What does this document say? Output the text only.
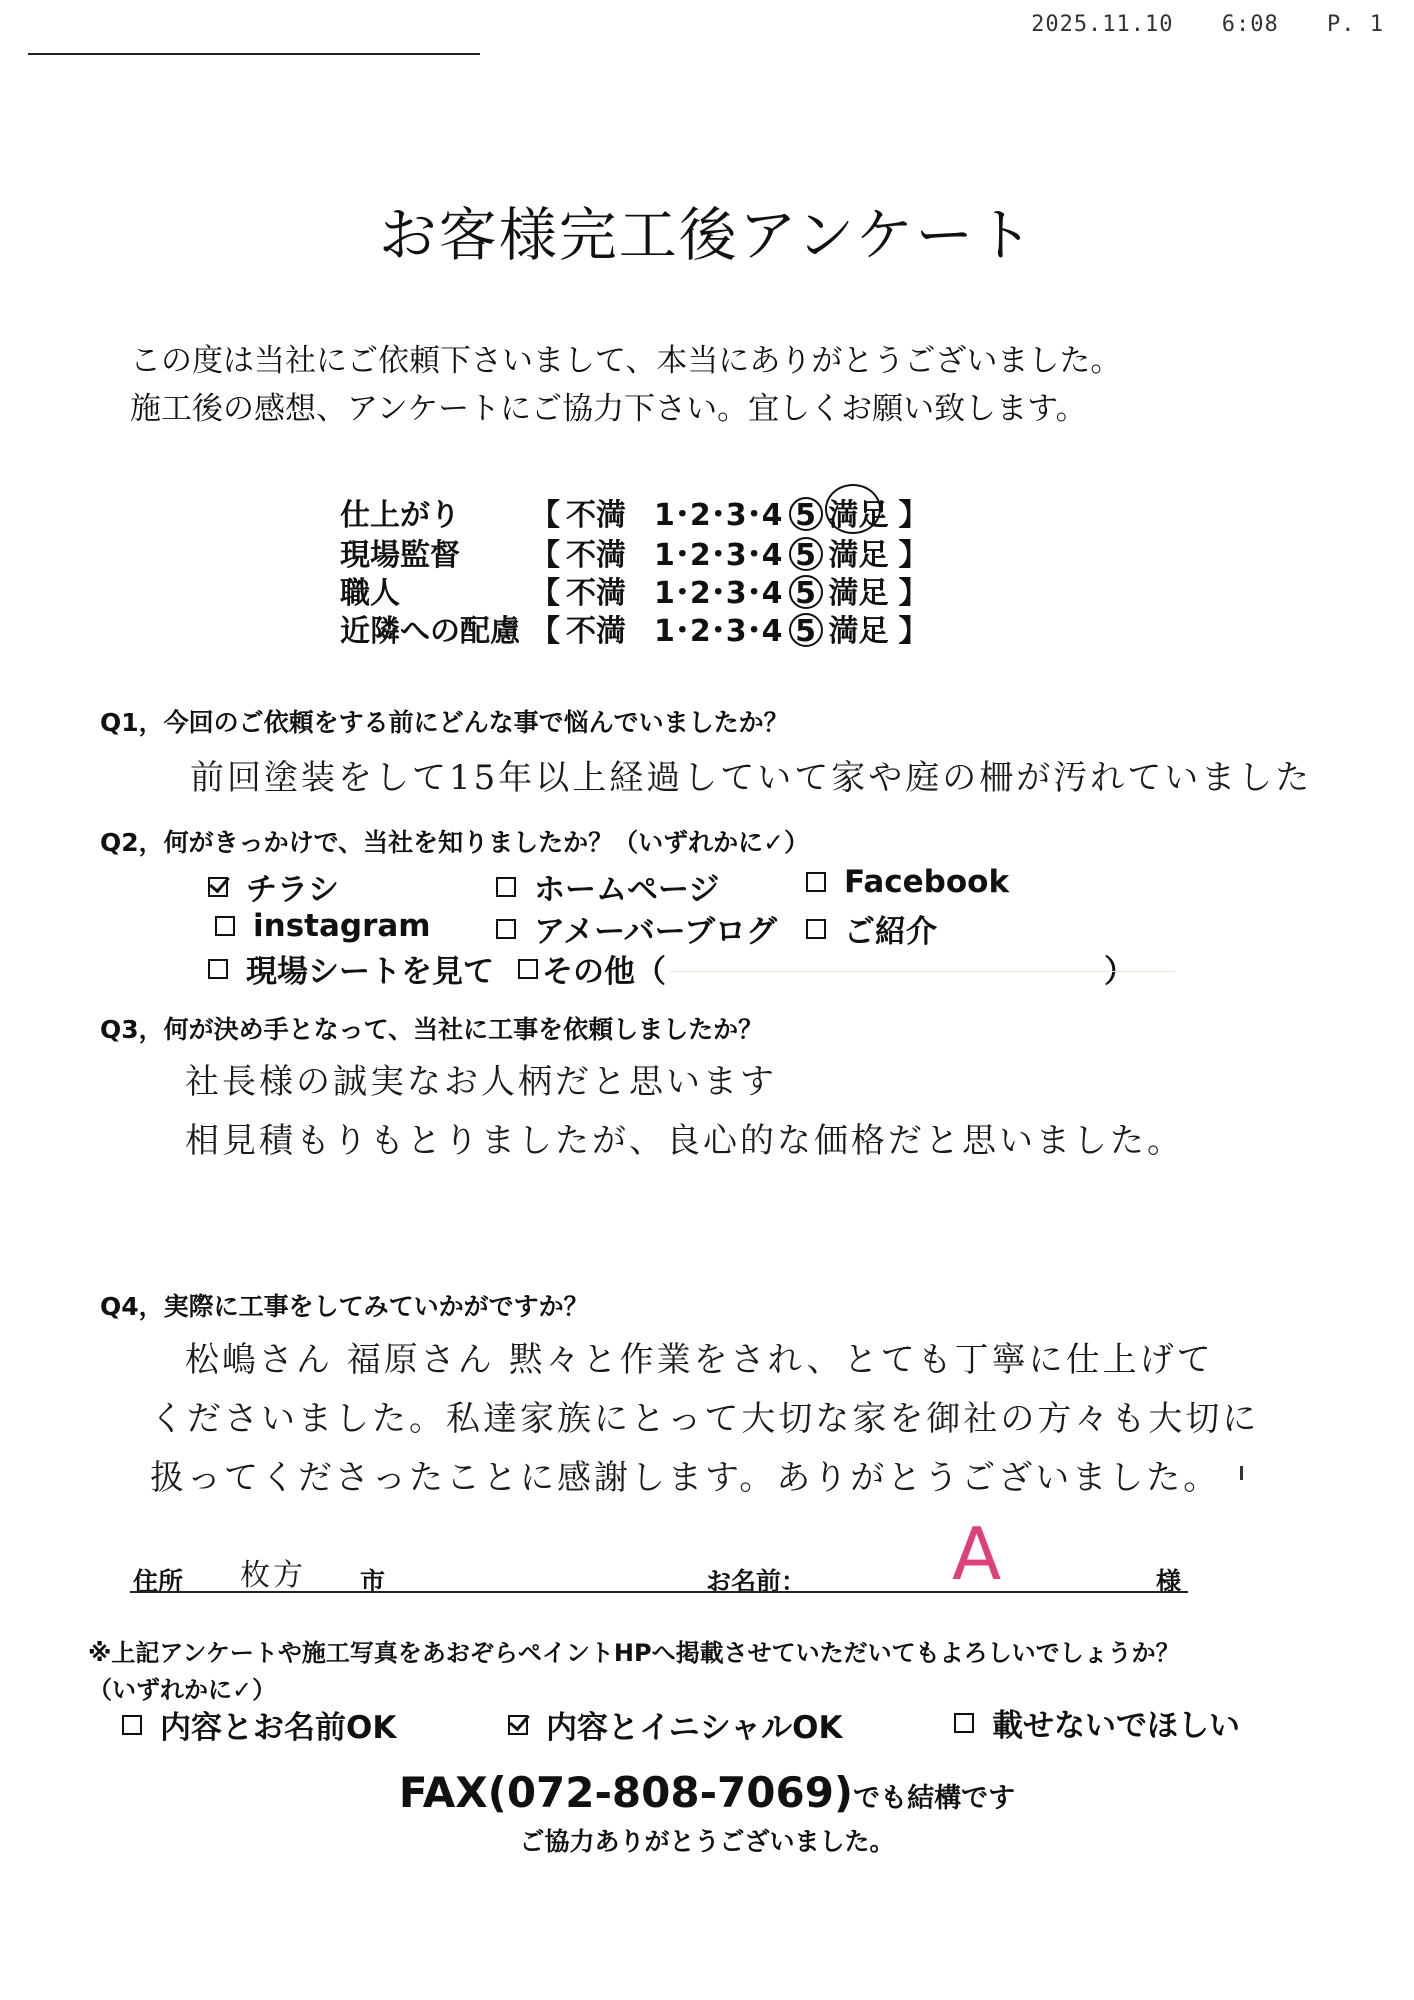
2025.11.10 6:08 P. 1
お客様完工後アンケート
この度は当社にご依頼下さいまして、本当にありがとうございました。
施工後の感想、アンケートにご協力下さい。宜しくお願い致します。
仕上がり	【 不満 1･2･3･4 5 満足 】
現場監督	【 不満 1･2･3･4 5 満足 】
職人	【 不満 1･2･3･4 5 満足 】
近隣への配慮 【 不満 1･2･3･4 5 満足 】
Q1，今回のご依頼をする前にどんな事で悩んでいましたか？
前回塗装をして15年以上経過していて家や庭の柵が汚れていました
Q2，何がきっかけで、当社を知りましたか？（いずれかに✓）
チラシ	ホームページ	Facebook
instagram	アメーバーブログ ご紹介
現場シートを見て その他（	）
Q3，何が決め手となって、当社に工事を依頼しましたか？
社長様の誠実なお人柄だと思います
相見積もりもとりましたが、良心的な価格だと思いました。
Q4，実際に工事をしてみていかがですか？
松嶋さん 福原さん 黙々と作業をされ、とても丁寧に仕上げて
くださいました。私達家族にとって大切な家を御社の方々も大切に
扱ってくださったことに感謝します。ありがとうございました。
住所 枚方 市	お名前： A	様
※上記アンケートや施工写真をあおぞらペイントHPへ掲載させていただいてもよろしいでしょうか？
（いずれかに✓）
内容とお名前OK	内容とイニシャルOK	載せないでほしい
FAX(072-808-7069)でも結構です
ご協力ありがとうございました。
